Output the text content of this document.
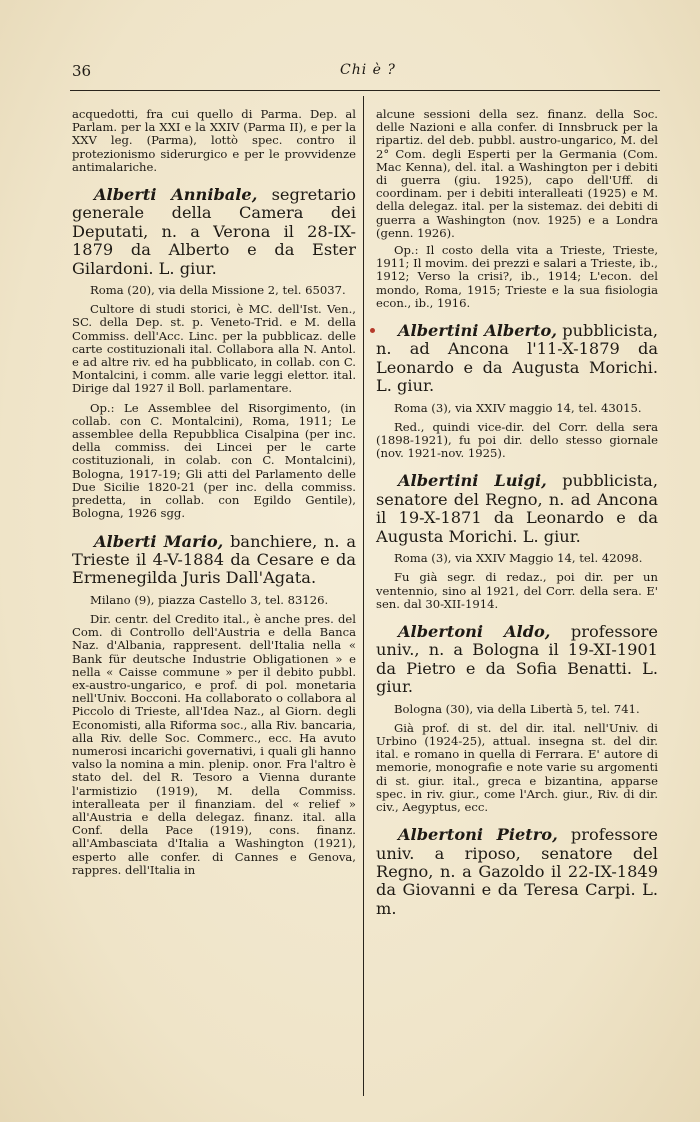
36	Chi è ?
acquedotti, fra cui quello di Parma. Dep. al Parlam. per la XXI e la XXIV (Parma II), e per la XXV leg. (Parma), lottò spec. contro il protezionismo siderurgico e per le provvidenze antimalariche.
Alberti Annibale, segretario generale della Camera dei Deputati, n. a Verona il 28-IX-1879 da Alberto e da Ester Gilardoni. L. giur.
Roma (20), via della Missione 2, tel. 65037.
Cultore di studi storici, è MC. dell'Ist. Ven., SC. della Dep. st. p. Veneto-Trid. e M. della Commiss. dell'Acc. Linc. per la pubblicaz. delle carte costituzionali ital. Collabora alla N. Antol. e ad altre riv. ed ha pubblicato, in collab. con C. Montalcini, i comm. alle varie leggi elettor. ital. Dirige dal 1927 il Boll. parlamentare.
Op.: Le Assemblee del Risorgimento, (in collab. con C. Montalcini), Roma, 1911; Le assemblee della Repubblica Cisalpina (per inc. della commiss. dei Lincei per le carte costituzionali, in colab. con C. Montalcini), Bologna, 1917-19; Gli atti del Parlamento delle Due Sicilie 1820-21 (per inc. della commiss. predetta, in collab. con Egildo Gentile), Bologna, 1926 sgg.
Alberti Mario, banchiere, n. a Trieste il 4-V-1884 da Cesare e da Ermenegilda Juris Dall'Agata.
Milano (9), piazza Castello 3, tel. 83126.
Dir. centr. del Credito ital., è anche pres. del Com. di Controllo dell'Austria e della Banca Naz. d'Albania, rappresent. dell'Italia nella « Bank für deutsche Industrie Obligationen » e nella « Caisse commune » per il debito pubbl. ex-austro-ungarico, e prof. di pol. monetaria nell'Univ. Bocconi. Ha collaborato o collabora al Piccolo di Trieste, all'Idea Naz., al Giorn. degli Economisti, alla Riforma soc., alla Riv. bancaria, alla Riv. delle Soc. Commerc., ecc. Ha avuto numerosi incarichi governativi, i quali gli hanno valso la nomina a min. plenip. onor. Fra l'altro è stato del. del R. Tesoro a Vienna durante l'armistizio (1919), M. della Commiss. interalleata per il finanziam. del « relief » all'Austria e della delegaz. finanz. ital. alla Conf. della Pace (1919), cons. finanz. all'Ambasciata d'Italia a Washington (1921), esperto alle confer. di Cannes e Genova, rappres. dell'Italia in
alcune sessioni della sez. finanz. della Soc. delle Nazioni e alla confer. di Innsbruck per la ripartiz. del deb. pubbl. austro-ungarico, M. del 2° Com. degli Esperti per la Germania (Com. Mac Kenna), del. ital. a Washington per i debiti di guerra (giu. 1925), capo dell'Uff. di coordinam. per i debiti interalleati (1925) e M. della delegaz. ital. per la sistemaz. dei debiti di guerra a Washington (nov. 1925) e a Londra (genn. 1926).
Op.: Il costo della vita a Trieste, Trieste, 1911; Il movim. dei prezzi e salari a Trieste, ib., 1912; Verso la crisi?, ib., 1914; L'econ. del mondo, Roma, 1915; Trieste e la sua fisiologia econ., ib., 1916.
Albertini Alberto, pubblicista, n. ad Ancona l'11-X-1879 da Leonardo e da Augusta Morichi. L. giur.
Roma (3), via XXIV maggio 14, tel. 43015.
Red., quindi vice-dir. del Corr. della sera (1898-1921), fu poi dir. dello stesso giornale (nov. 1921-nov. 1925).
Albertini Luigi, pubblicista, senatore del Regno, n. ad Ancona il 19-X-1871 da Leonardo e da Augusta Morichi. L. giur.
Roma (3), via XXIV Maggio 14, tel. 42098.
Fu già segr. di redaz., poi dir. per un ventennio, sino al 1921, del Corr. della sera. E' sen. dal 30-XII-1914.
Albertoni Aldo, professore univ., n. a Bologna il 19-XI-1901 da Pietro e da Sofia Benatti. L. giur.
Bologna (30), via della Libertà 5, tel. 741.
Già prof. di st. del dir. ital. nell'Univ. di Urbino (1924-25), attual. insegna st. del dir. ital. e romano in quella di Ferrara. E' autore di memorie, monografie e note varie su argomenti di st. giur. ital., greca e bizantina, apparse spec. in riv. giur., come l'Arch. giur., Riv. di dir. civ., Aegyptus, ecc.
Albertoni Pietro, professore univ. a riposo, senatore del Regno, n. a Gazoldo il 22-IX-1849 da Giovanni e da Teresa Carpi. L. m.
